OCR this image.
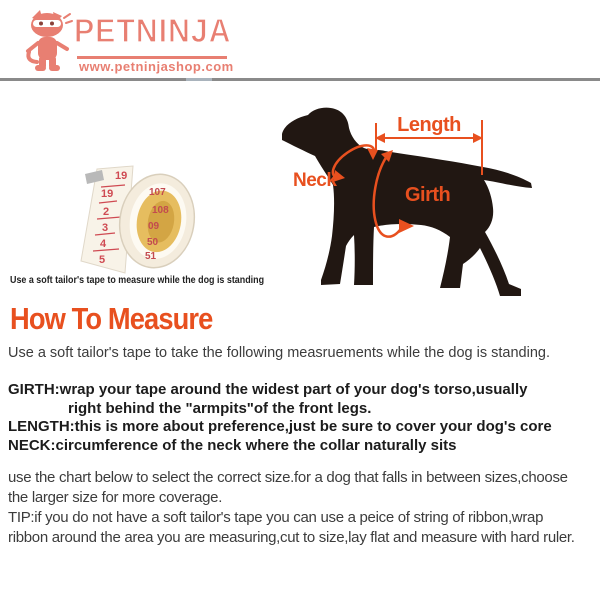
PETNINJA
www.petninjashop.com
19
19
2
3
4
5
107
108
09
50
51
Use a soft tailor's tape to measure while the dog is standing
Length
Neck
Girth
How To Measure
Use a soft tailor's tape to take the following measruements while the dog is standing.
GIRTH:wrap your tape around the widest part of your dog's torso,usually
right behind the "armpits"of the front legs.
LENGTH:this is more about preference,just be sure to cover your dog's core
NECK:circumference of the neck where the collar naturally sits
use the chart below to select the correct size.for a dog that falls in between sizes,choose
the larger size for more coverage.
TIP:if you do not have a soft tailor's tape you can use a peice of string of ribbon,wrap
ribbon around the area you are measuring,cut to size,lay flat and measure with hard ruler.
